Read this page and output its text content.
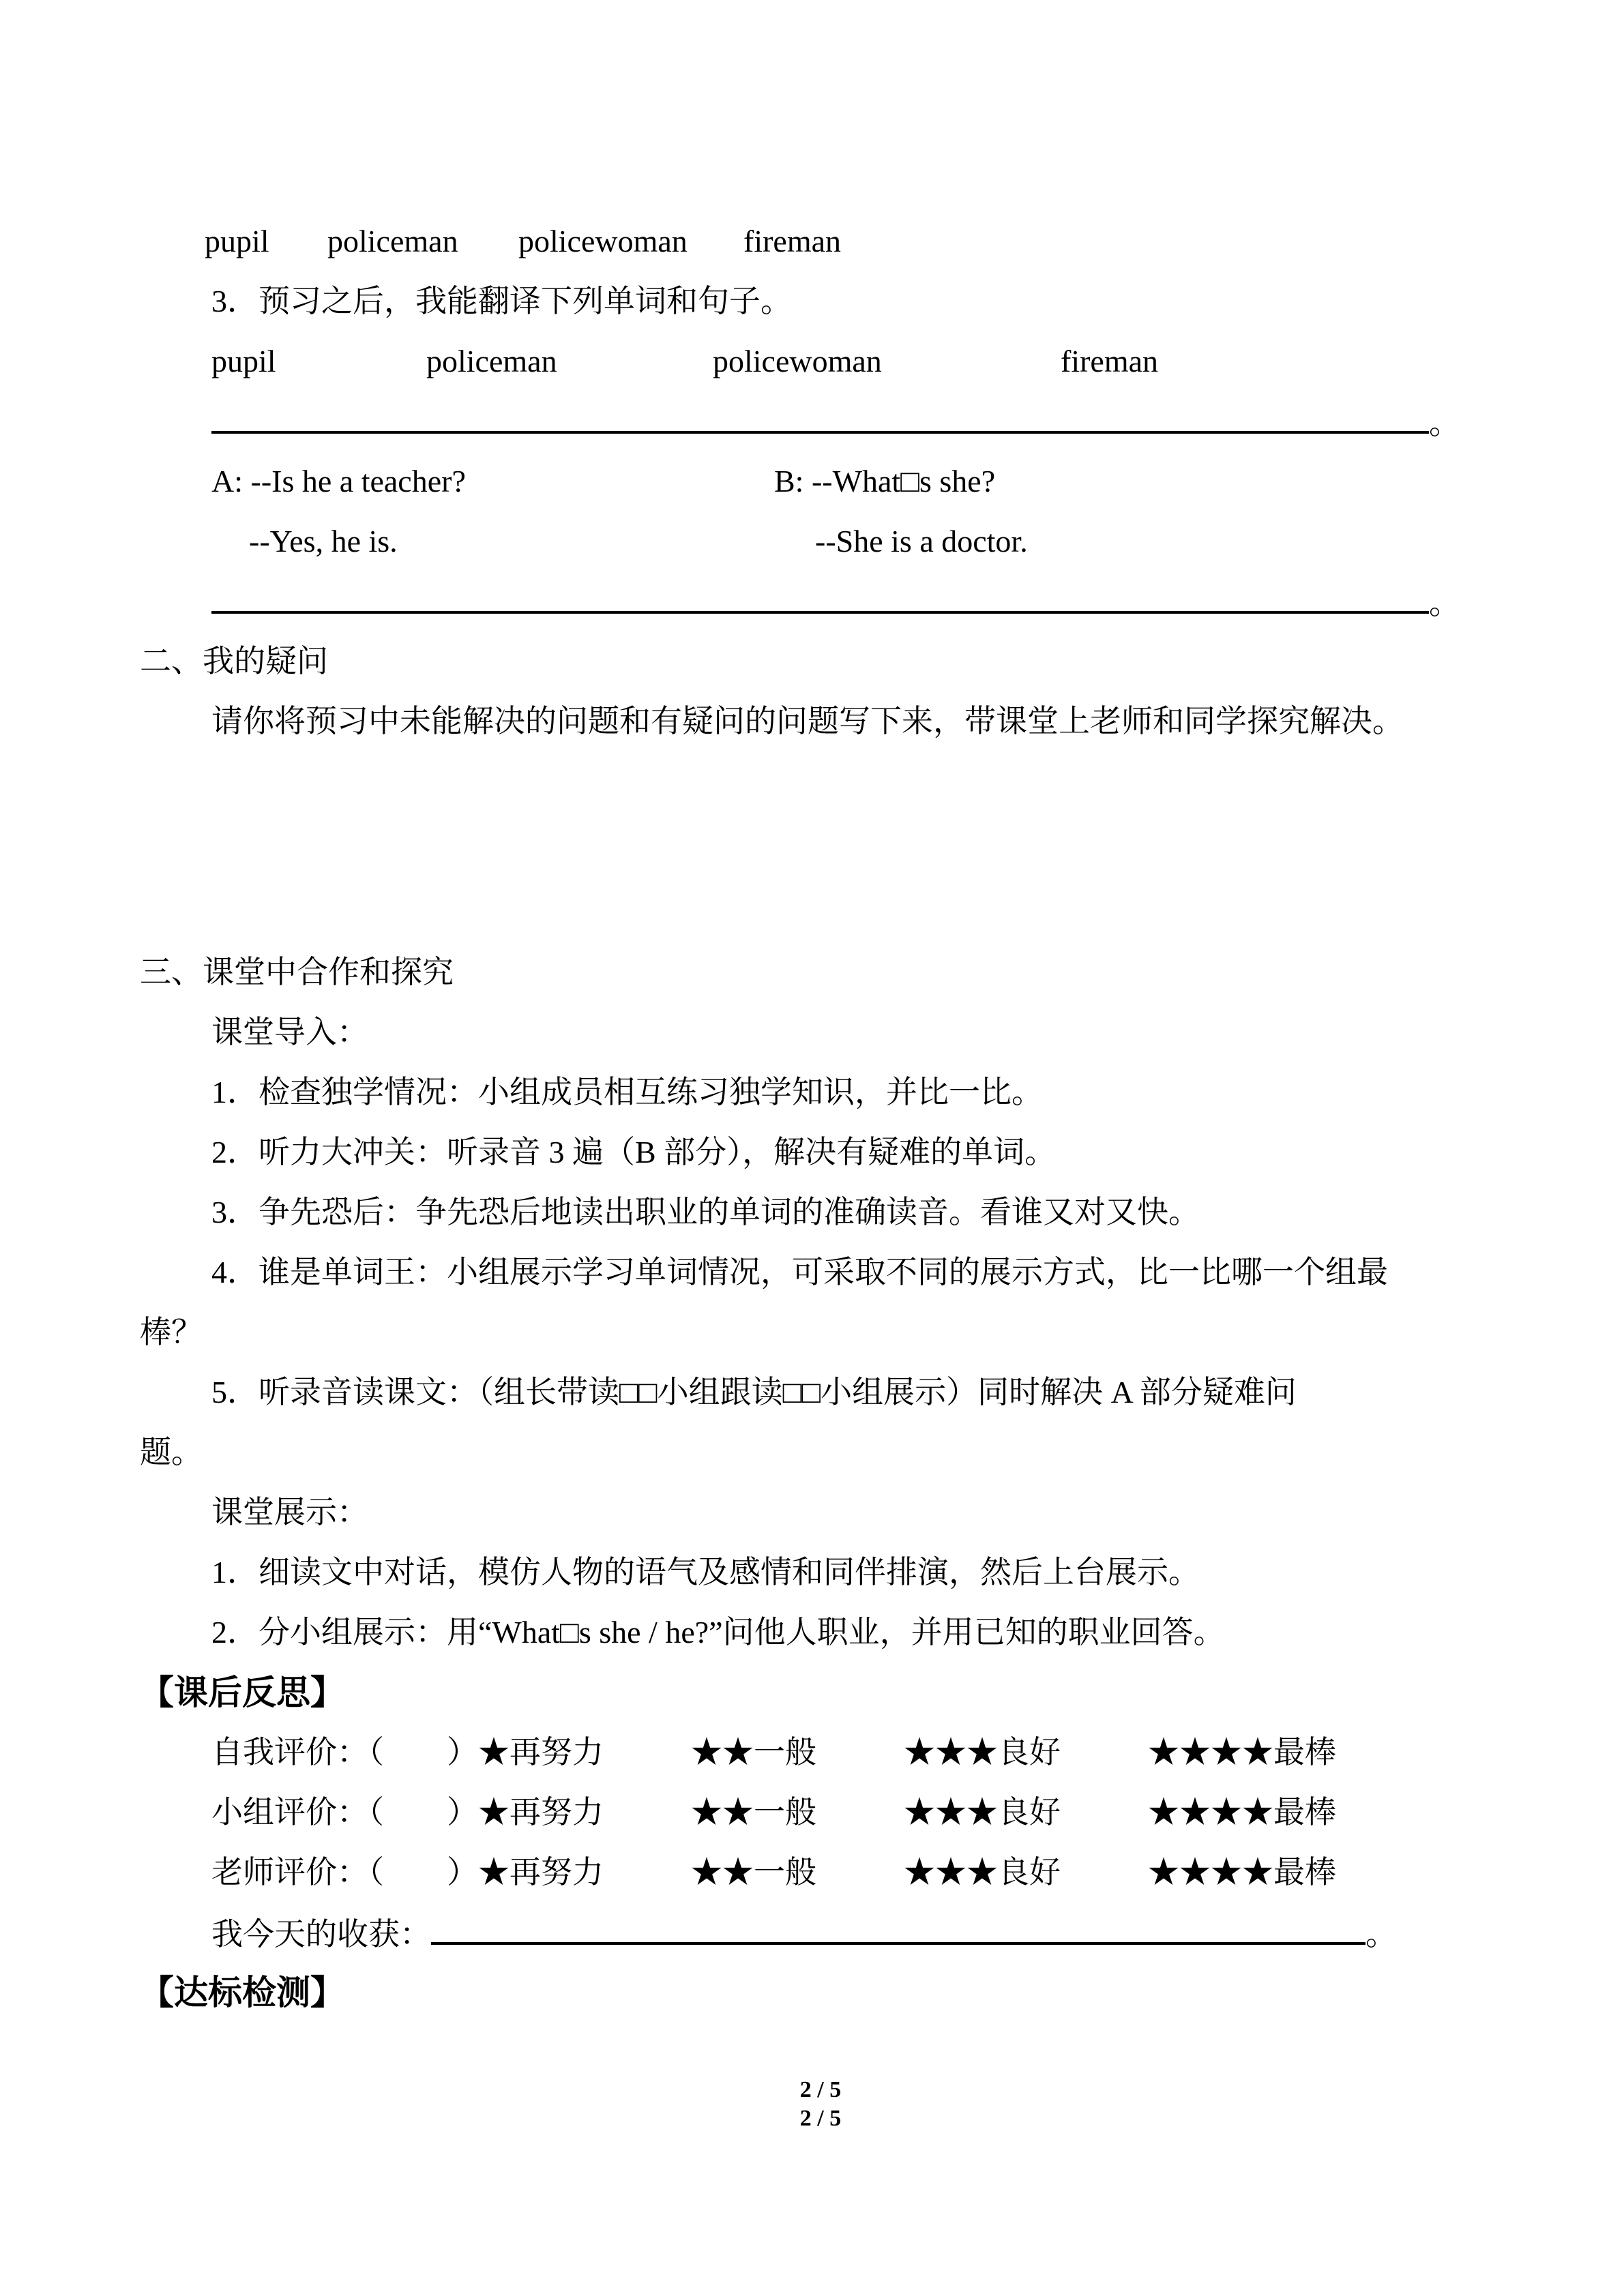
pupil policeman policewoman fireman

3．预习之后，我能翻译下列单词和句子。

pupil	policeman	policewoman	fireman

。

A: --Is he a teacher?	B: --What□s she?

--Yes, he is.	--She is a doctor.

。

二、我的疑问

请你将预习中未能解决的问题和有疑问的问题写下来，带课堂上老师和同学探究解决。

三、课堂中合作和探究

课堂导入：

1．检查独学情况：小组成员相互练习独学知识，并比一比。

2．听力大冲关：听录音 3 遍（B 部分），解决有疑难的单词。

3．争先恐后：争先恐后地读出职业的单词的准确读音。看谁又对又快。

4．谁是单词王：小组展示学习单词情况，可采取不同的展示方式，比一比哪一个组最

棒？

5．听录音读课文：（组长带读□□小组跟读□□小组展示）同时解决 A 部分疑难问

题。

课堂展示：

1．细读文中对话，模仿人物的语气及感情和同伴排演，然后上台展示。

2．分小组展示：用“What□s she / he?”问他人职业，并用已知的职业回答。

【课后反思】

自我评价：（　　）★再努力	★★一般	★★★良好	★★★★最棒

小组评价：（　　）★再努力	★★一般	★★★良好	★★★★最棒

老师评价：（　　）★再努力	★★一般	★★★良好	★★★★最棒

我今天的收获：	。

【达标检测】

2 / 5
2 / 5
